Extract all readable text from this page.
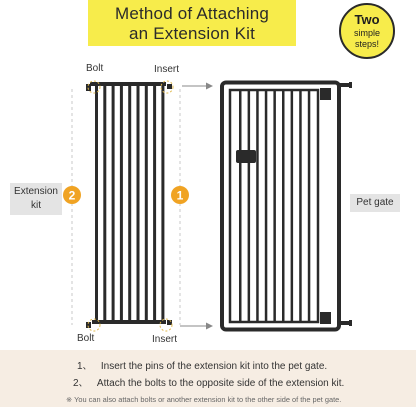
Method of Attaching
an Extension Kit
Two
simple
steps!
Bolt	Insert
Bolt	Insert
Extension
kit	Pet gate
2	1
1、 Insert the pins of the extension kit into the pet gate.
2、 Attach the bolts to the opposite side of the extension kit.
※ You can also attach bolts or another extension kit to the other side of the pet gate.
